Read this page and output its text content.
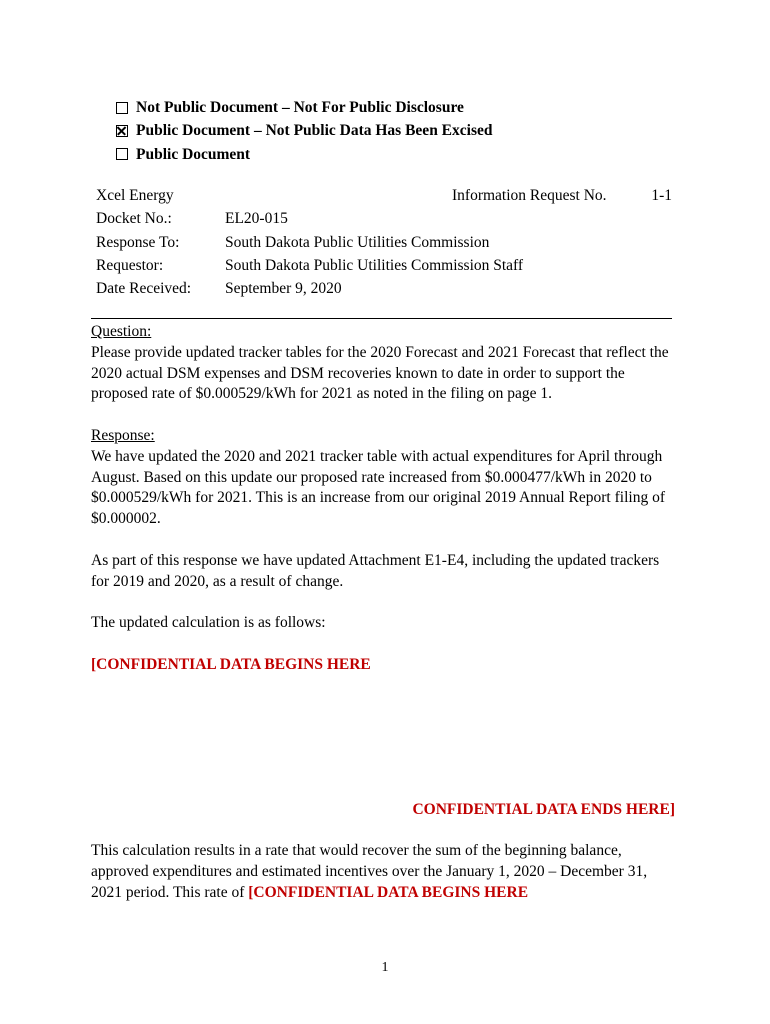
Not Public Document – Not For Public Disclosure
Public Document – Not Public Data Has Been Excised
Public Document
Xcel Energy	Information Request No.	1-1
Docket No.:	EL20-015
Response To:	South Dakota Public Utilities Commission
Requestor:	South Dakota Public Utilities Commission Staff
Date Received: September 9, 2020

Question:

Please provide updated tracker tables for the 2020 Forecast and 2021 Forecast that reflect the 2020 actual DSM expenses and DSM recoveries known to date in order to support the proposed rate of $0.000529/kWh for 2021 as noted in the filing on page 1.

Response:

We have updated the 2020 and 2021 tracker table with actual expenditures for April through August. Based on this update our proposed rate increased from $0.000477/kWh in 2020 to $0.000529/kWh for 2021. This is an increase from our original 2019 Annual Report filing of $0.000002.

As part of this response we have updated Attachment E1-E4, including the updated trackers for 2019 and 2020, as a result of change.

The updated calculation is as follows:

[CONFIDENTIAL DATA BEGINS HERE

CONFIDENTIAL DATA ENDS HERE]

This calculation results in a rate that would recover the sum of the beginning balance, approved expenditures and estimated incentives over the January 1, 2020 – December 31, 2021 period. This rate of [CONFIDENTIAL DATA BEGINS HERE

1
